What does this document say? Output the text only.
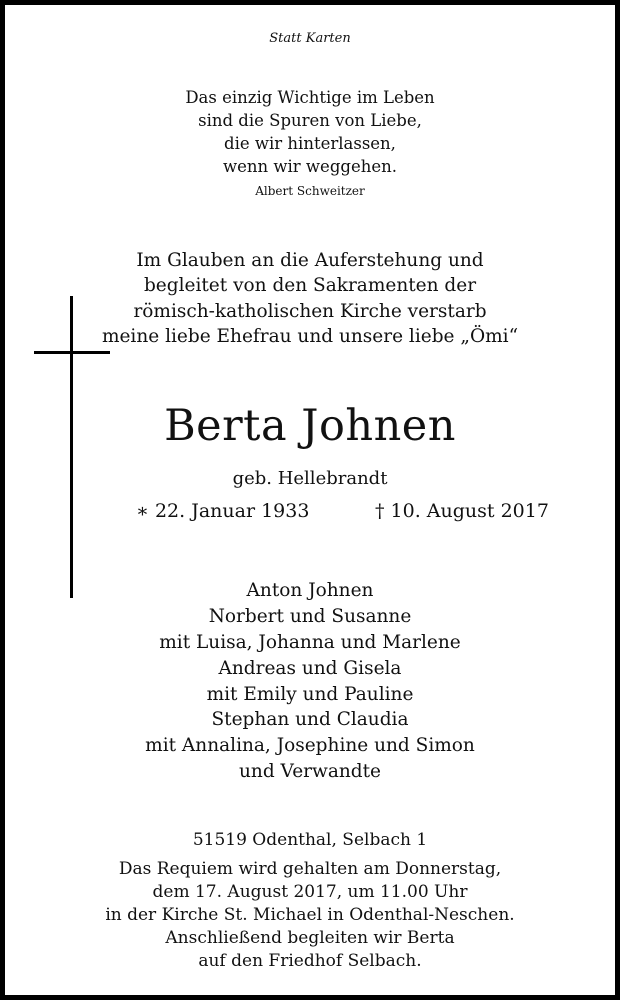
Statt Karten
Das einzig Wichtige im Leben
sind die Spuren von Liebe,
die wir hinterlassen,
wenn wir weggehen.
Albert Schweitzer
Im Glauben an die Auferstehung und
begleitet von den Sakramenten der
römisch-katholischen Kirche verstarb
meine liebe Ehefrau und unsere liebe „Ömi“
Berta Johnen
geb. Hellebrandt
∗ 22. Januar 1933	† 10. August 2017
Anton Johnen
Norbert und Susanne
mit Luisa, Johanna und Marlene
Andreas und Gisela
mit Emily und Pauline
Stephan und Claudia
mit Annalina, Josephine und Simon
und Verwandte
51519 Odenthal, Selbach 1
Das Requiem wird gehalten am Donnerstag,
dem 17. August 2017, um 11.00 Uhr
in der Kirche St. Michael in Odenthal-Neschen.
Anschließend begleiten wir Berta
auf den Friedhof Selbach.
